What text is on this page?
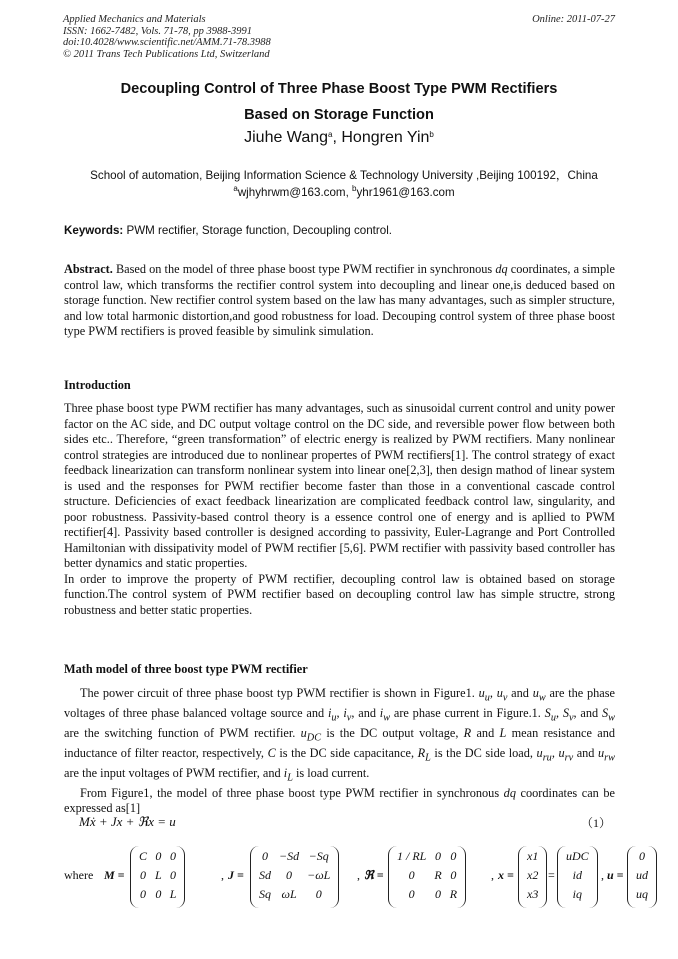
Applied Mechanics and Materials
ISSN: 1662-7482, Vols. 71-78, pp 3988-3991
doi:10.4028/www.scientific.net/AMM.71-78.3988
© 2011 Trans Tech Publications Ltd, Switzerland
Online: 2011-07-27
Decoupling Control of Three Phase Boost Type PWM Rectifiers
Based on Storage Function
Jiuhe Wang$^a$, Hongren Yin$^b$
School of automation, Beijing Information Science & Technology University ,Beijing 100192，China
$^a$wjhyhrwm@163.com, $^b$yhr1961@163.com
Keywords: PWM rectifier, Storage function, Decoupling control.
Abstract. Based on the model of three phase boost type PWM rectifier in synchronous dq coordinates, a simple control law, which transforms the rectifier control system into decoupling and linear one,is deduced based on storage function. New rectifier control system based on the law has many advantages, such as simpler structure, and low total harmonic distortion,and good robustness for load. Decouping control system of three phase boost type PWM rectifiers is proved feasible by simulink simulation.
Introduction
Three phase boost type PWM rectifier has many advantages, such as sinusoidal current control and unity power factor on the AC side, and DC output voltage control on the DC side, and reversible power flow between both sides etc.. Therefore, “green transformation” of electric energy is realized by PWM rectifiers. Many nonlinear control strategies are introduced due to nonlinear propertes of PWM rectifiers[1]. The control strategy of exact feedback linearization can transform nonlinear system into linear one[2,3], then design mathod of linear system is used and the responses for PWM rectifier become faster than those in a conventional cascade control structure. Deficiencies of exact feedback linearization are complicated feedback control law, singularity, and poor robustness. Passivity-based control theory is a essence control one of energy and is apllied to PWM rectifier[4]. Passivity based controller is designed according to passivity, Euler-Lagrange and Port Controlled Hamiltonian with dissipativity model of PWM rectifier [5,6]. PWM rectifier with passivity based controller has better dynamics and static properties.
In order to improve the property of PWM rectifier, decoupling control law is obtained based on storage function.The control system of PWM rectifier based on decoupling control law has simple structre, strong robustness and better static properties.
Math model of three boost type PWM rectifier
The power circuit of three phase boost typ PWM rectifier is shown in Figure1. $u_u$, $u_v$ and $u_w$ are the phase voltages of three phase balanced voltage source and $i_u$, $i_v$, and $i_w$ are phase current in Figure.1. $S_u$, $S_v$, and $S_w$ are the switching function of PWM rectifier. $u_{DC}$ is the DC output voltage, R and L mean resistance and inductance of filter reactor, respectively, C is the DC side capacitance, $R_L$ is the DC side load, $u_{ru}$, $u_{rv}$ and $u_{rw}$ are the input voltages of PWM rectifier, and $i_L$ is load current.
From Figure1, the model of three phase boost type PWM rectifier in synchronous dq coordinates can be expressed as[1]
Mẋ + Jx + ℜx = u	（1）
where M =
C	0	0
0	L	0
0	0	L
, J =
0	−Sd	−Sq
Sd	0	−ωL
Sq	ωL	0
, ℜ =
1 / RL	0	0
0	R	0
0	0	R
, x =
x1
x2
x3
=
uDC
id
iq
, u =
0
ud
uq
